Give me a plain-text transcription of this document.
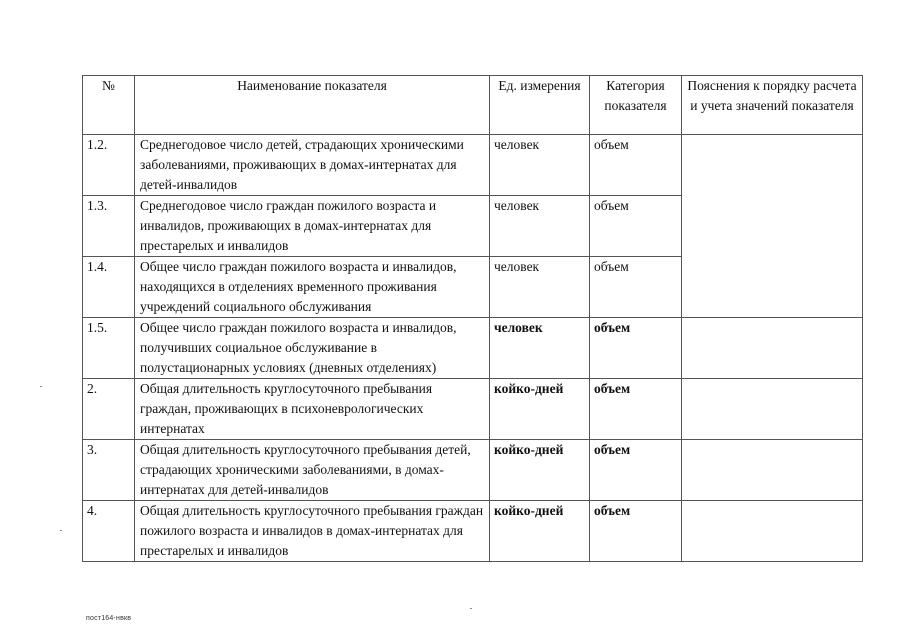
№	Наименование показателя	Ед. измерения	Категория показателя	Пояснения к порядку расчета и учета значений показателя
1.2.	Среднегодовое число детей, страдающих хроническими заболеваниями, проживающих в домах-интернатах для детей-инвалидов	человек	объем	
1.3.	Среднегодовое число граждан пожилого возраста и инвалидов, проживающих в домах-интернатах для престарелых и инвалидов	человек	объем	
1.4.	Общее число граждан пожилого возраста и инвалидов, находящихся в отделениях временного проживания учреждений социального обслуживания	человек	объем	
1.5.	Общее число граждан пожилого возраста и инвалидов, получивших социальное обслуживание в полустационарных условиях (дневных отделениях)	человек	объем	
2.	Общая длительность круглосуточного пребывания граждан, проживающих в психоневрологических интернатах	койко-дней	объем	
3.	Общая длительность круглосуточного пребывания детей, страдающих хроническими заболеваниями, в домах-интернатах для детей-инвалидов	койко-дней	объем	
4.	Общая длительность круглосуточного пребывания граждан пожилого возраста и инвалидов в домах-интернатах для престарелых и инвалидов	койко-дней	объем	
пост164-нвкв
